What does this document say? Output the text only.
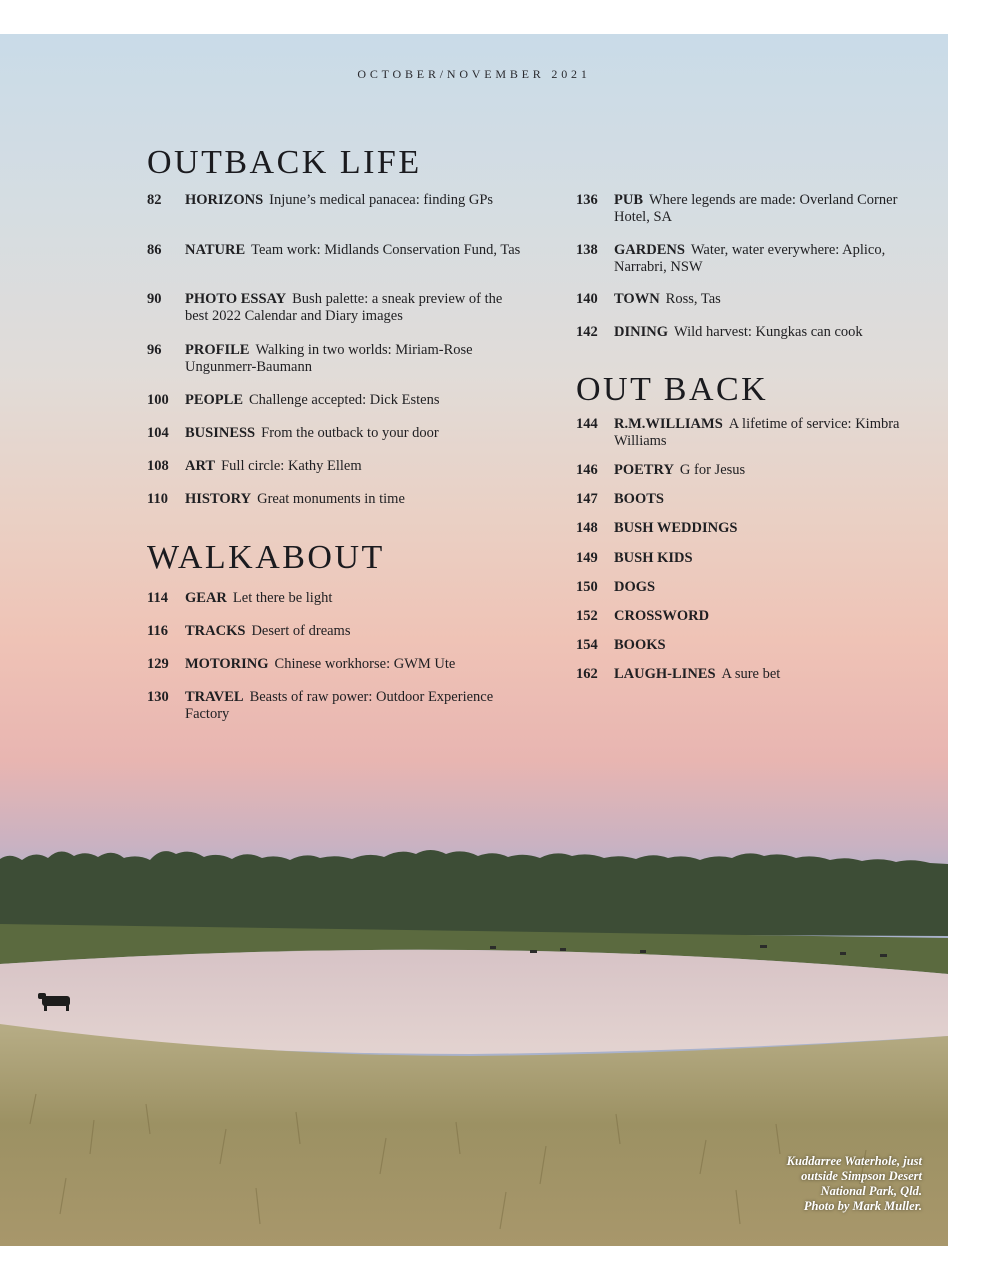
OCTOBER/NOVEMBER 2021
OUTBACK LIFE
82	HORIZONS Injune’s medical panacea: finding GPs
86	NATURE Team work: Midlands Conservation Fund, Tas
90	PHOTO ESSAY Bush palette: a sneak preview of the best 2022 Calendar and Diary images
96	PROFILE Walking in two worlds: Miriam-Rose Ungunmerr-Baumann
100	PEOPLE Challenge accepted: Dick Estens
104	BUSINESS From the outback to your door
108	ART Full circle: Kathy Ellem
110	HISTORY Great monuments in time
WALKABOUT
114	GEAR Let there be light
116	TRACKS Desert of dreams
129	MOTORING Chinese workhorse: GWM Ute
130	TRAVEL Beasts of raw power: Outdoor Experience Factory
136	PUB Where legends are made: Overland Corner Hotel, SA
138	GARDENS Water, water everywhere: Aplico, Narrabri, NSW
140	TOWN Ross, Tas
142	DINING Wild harvest: Kungkas can cook
OUT BACK
144	R.M.WILLIAMS A lifetime of service: Kimbra Williams
146	POETRY G for Jesus
147	BOOTS
148	BUSH WEDDINGS
149	BUSH KIDS
150	DOGS
152	CROSSWORD
154	BOOKS
162	LAUGH-LINES A sure bet
Kuddarree Waterhole, just
outside Simpson Desert
National Park, Qld.
Photo by Mark Muller.
